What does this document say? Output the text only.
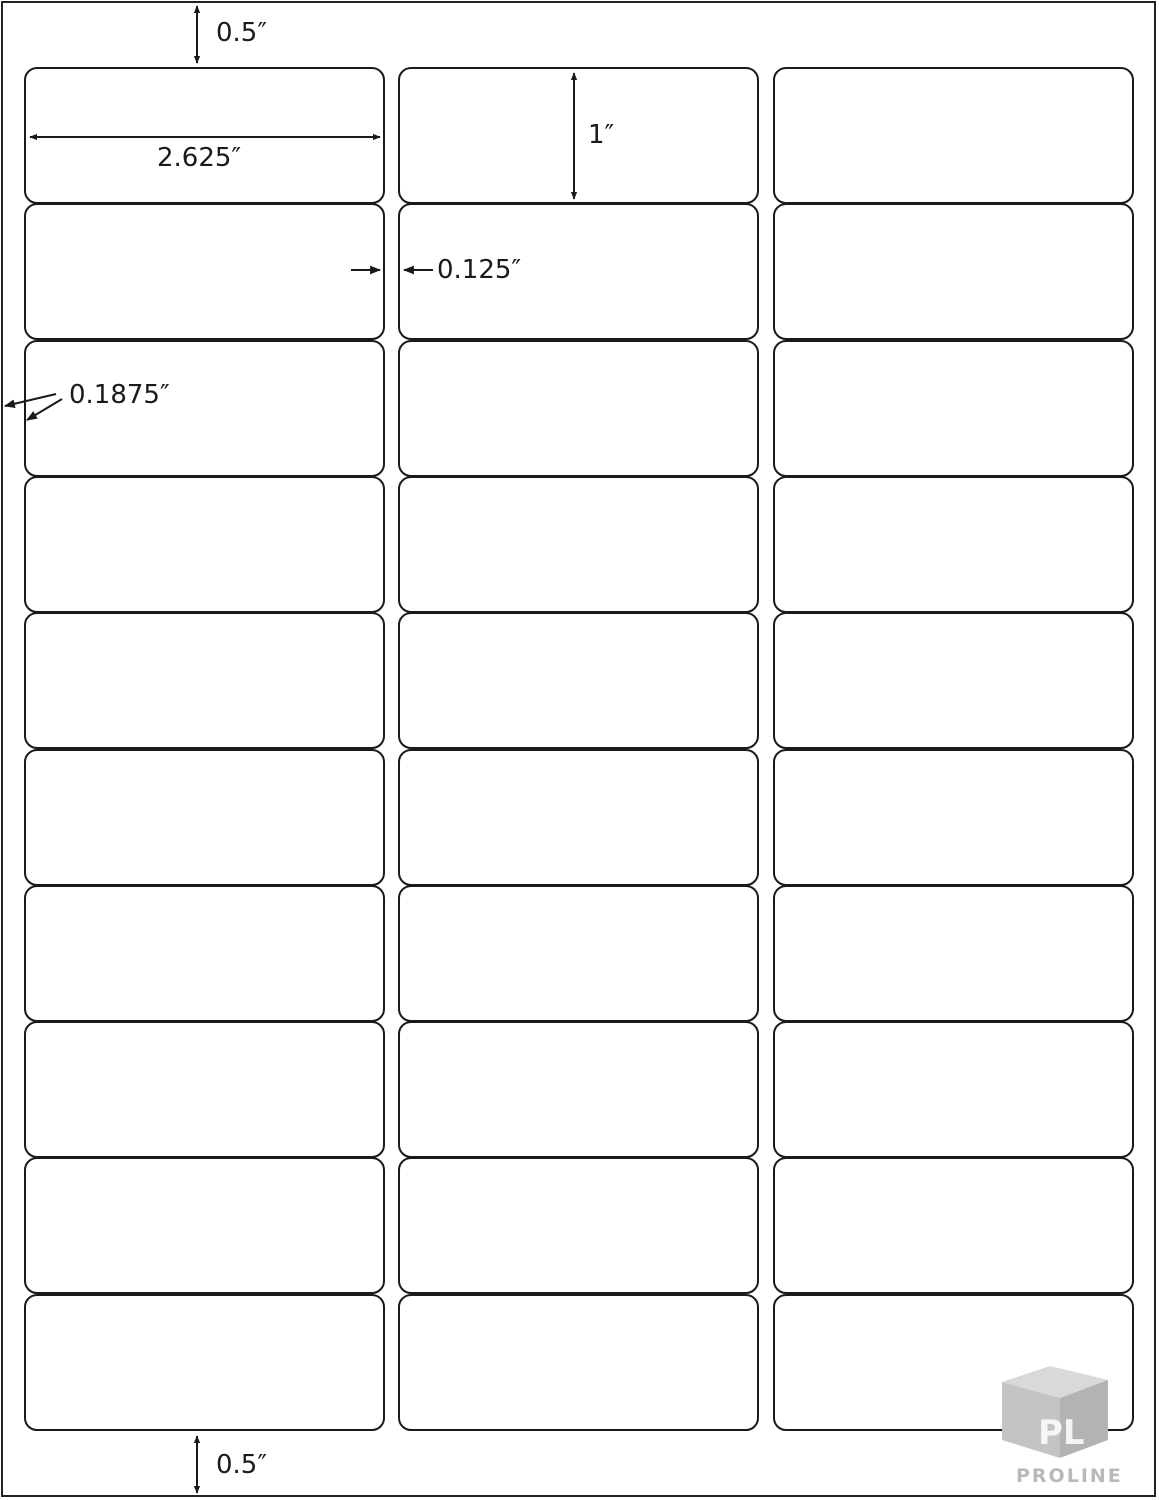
0.5″
2.625″
1″
0.125″
0.1875″
0.5″
PL
PROLINE
